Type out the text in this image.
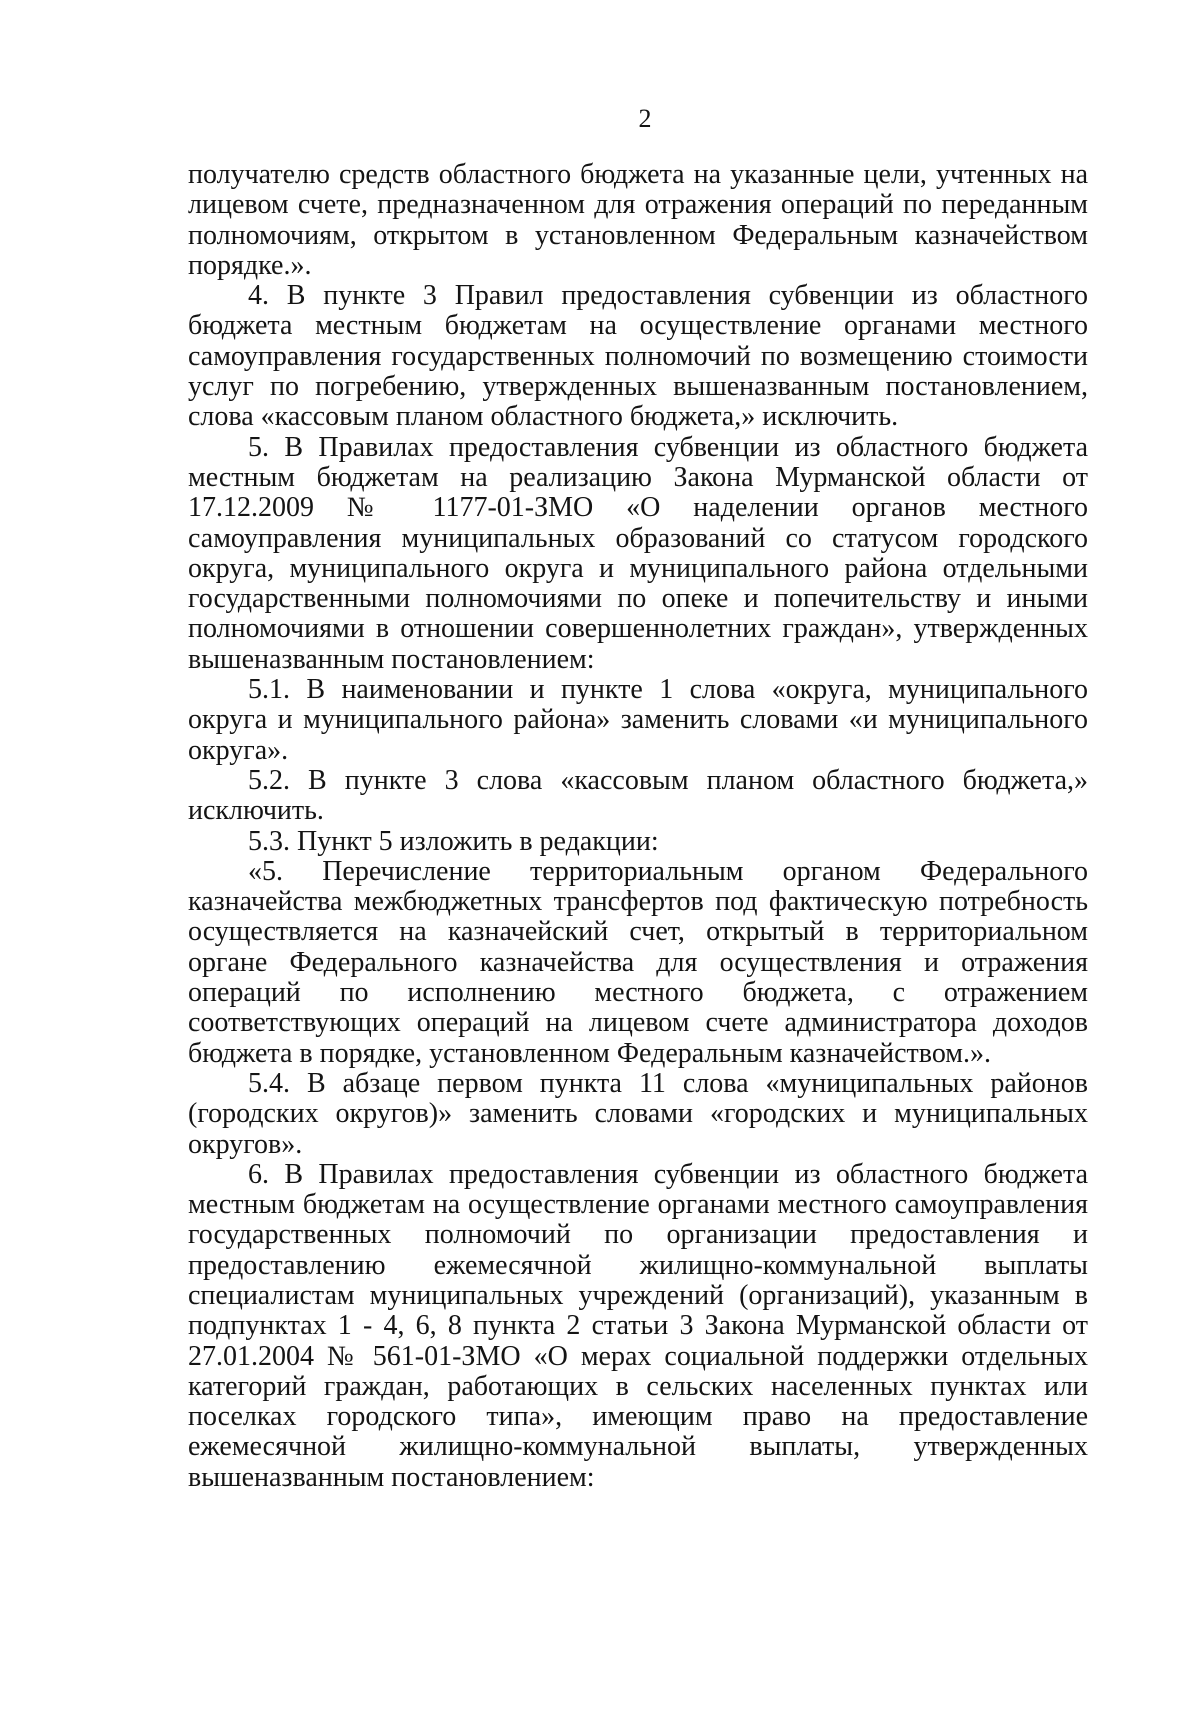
2

получателю средств областного бюджета на указанные цели, учтенных на лицевом счете, предназначенном для отражения операций по переданным полномочиям, открытом в установленном Федеральным казначейством порядке.».

4. В пункте 3 Правил предоставления субвенции из областного бюджета местным бюджетам на осуществление органами местного самоуправления государственных полномочий по возмещению стоимости услуг по погребению, утвержденных вышеназванным постановлением, слова «кассовым планом областного бюджета,» исключить.

5. В Правилах предоставления субвенции из областного бюджета местным бюджетам на реализацию Закона Мурманской области от 17.12.2009 № 1177-01-ЗМО «О наделении органов местного самоуправления муниципальных образований со статусом городского округа, муниципального округа и муниципального района отдельными государственными полномочиями по опеке и попечительству и иными полномочиями в отношении совершеннолетних граждан», утвержденных вышеназванным постановлением:

5.1. В наименовании и пункте 1 слова «округа, муниципального округа и муниципального района» заменить словами «и муниципального округа».

5.2. В пункте 3 слова «кассовым планом областного бюджета,» исключить.

5.3. Пункт 5 изложить в редакции:

«5. Перечисление территориальным органом Федерального казначейства межбюджетных трансфертов под фактическую потребность осуществляется на казначейский счет, открытый в территориальном органе Федерального казначейства для осуществления и отражения операций по исполнению местного бюджета, с отражением соответствующих операций на лицевом счете администратора доходов бюджета в порядке, установленном Федеральным казначейством.».

5.4. В абзаце первом пункта 11 слова «муниципальных районов (городских округов)» заменить словами «городских и муниципальных округов».

6. В Правилах предоставления субвенции из областного бюджета местным бюджетам на осуществление органами местного самоуправления государственных полномочий по организации предоставления и предоставлению ежемесячной жилищно-коммунальной выплаты специалистам муниципальных учреждений (организаций), указанным в подпунктах 1 - 4, 6, 8 пункта 2 статьи 3 Закона Мурманской области от 27.01.2004 № 561-01-ЗМО «О мерах социальной поддержки отдельных категорий граждан, работающих в сельских населенных пунктах или поселках городского типа», имеющим право на предоставление ежемесячной жилищно-коммунальной выплаты, утвержденных вышеназванным постановлением:
